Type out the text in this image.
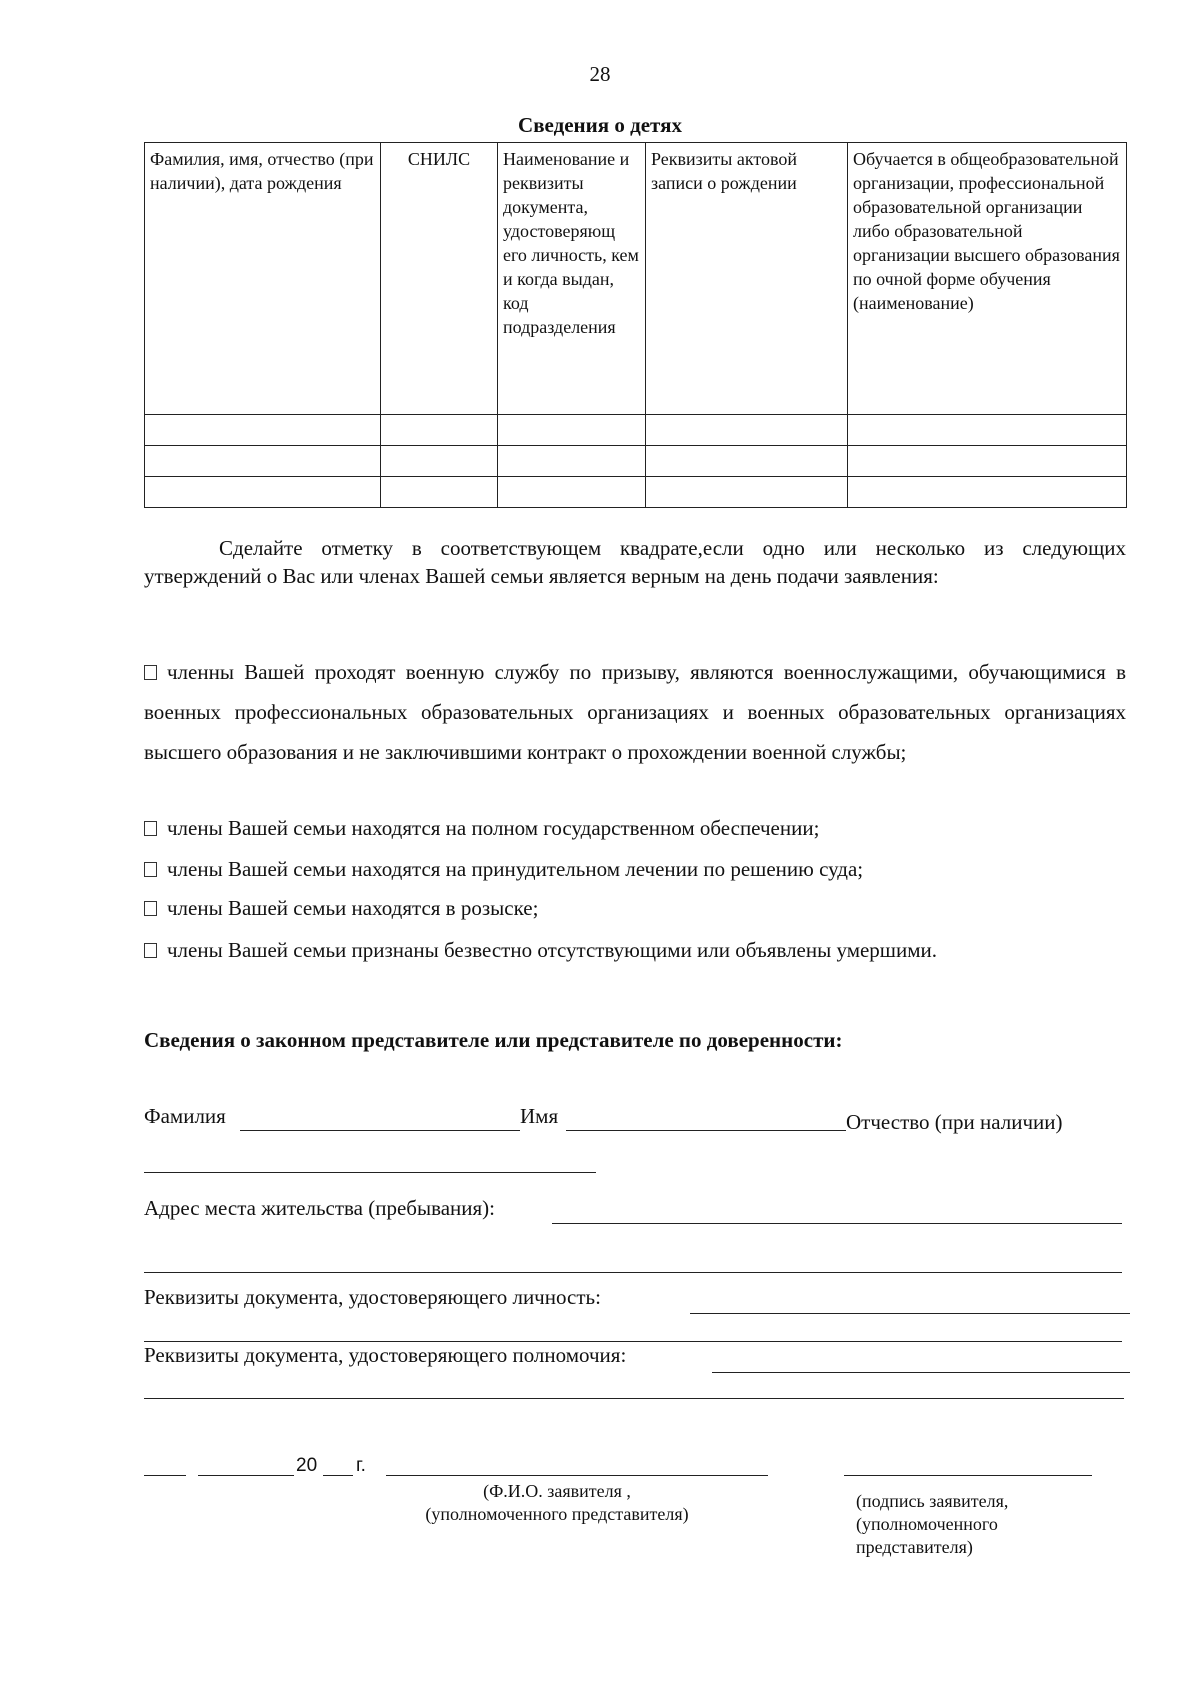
28
Сведения о детях
Фамилия, имя, отчество (при наличии), дата рождения	СНИЛС	Наименование и реквизиты документа, удостоверяющ его личность, кем и когда выдан, код подразделения	Реквизиты актовой записи о рождении	Обучается в общеобразовательной организации, профессиональной образовательной организации либо образовательной организации высшего образования по очной форме обучения (наименование)

Сделайте отметку в соответствующем квадрате,если одно или несколько из следующих утверждений о Вас или членах Вашей семьи является верным на день подачи заявления:
членны Вашей проходят военную службу по призыву, являются военнослужащими, обучающимися в военных профессиональных образовательных организациях и военных образовательных организациях высшего образования и не заключившими контракт о прохождении военной службы;
члены Вашей семьи находятся на полном государственном обеспечении;
члены Вашей семьи находятся на принудительном лечении по решению суда;
члены Вашей семьи находятся в розыске;
члены Вашей семьи признаны безвестно отсутствующими или объявлены умершими.
Сведения о законном представителе или представителе по доверенности:
Фамилия	Имя	Отчество (при наличии)
Адрес места жительства (пребывания):
Реквизиты документа, удостоверяющего личность:
Реквизиты документа, удостоверяющего полномочия:
20 г.
(Ф.И.О. заявителя ,
(уполномоченного представителя)
(подпись заявителя,
(уполномоченного
представителя)
